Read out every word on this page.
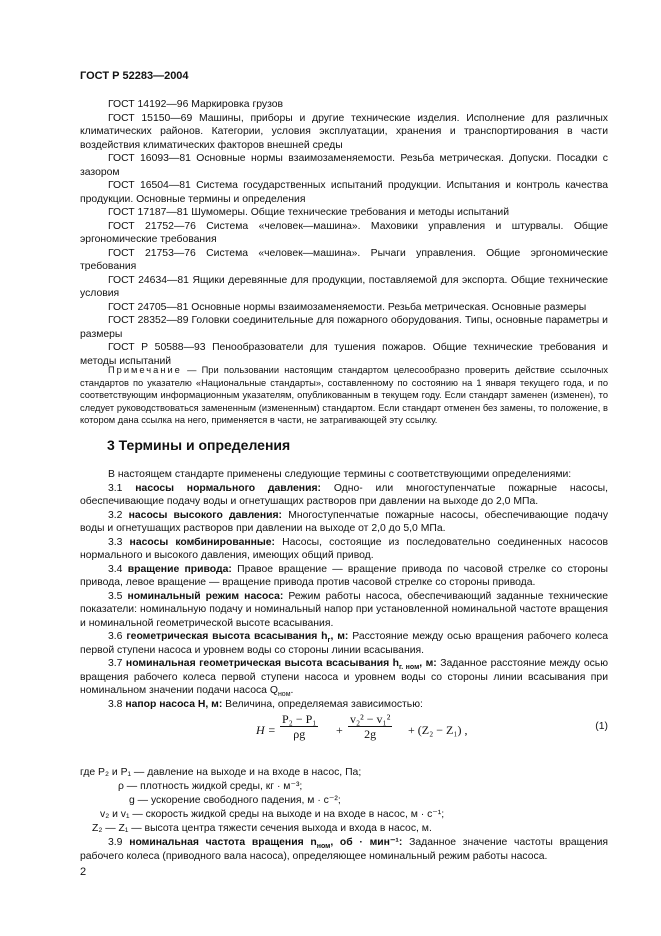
ГОСТ Р 52283—2004

ГОСТ 14192—96 Маркировка грузов

ГОСТ 15150—69 Машины, приборы и другие технические изделия. Исполнение для различных климатических районов. Категории, условия эксплуатации, хранения и транспортирования в части воздействия климатических факторов внешней среды

ГОСТ 16093—81 Основные нормы взаимозаменяемости. Резьба метрическая. Допуски. Посадки с зазором

ГОСТ 16504—81 Система государственных испытаний продукции. Испытания и контроль качества продукции. Основные термины и определения

ГОСТ 17187—81 Шумомеры. Общие технические требования и методы испытаний

ГОСТ 21752—76 Система «человек—машина». Маховики управления и штурвалы. Общие эргономические требования

ГОСТ 21753—76 Система «человек—машина». Рычаги управления. Общие эргономические требования

ГОСТ 24634—81 Ящики деревянные для продукции, поставляемой для экспорта. Общие технические условия

ГОСТ 24705—81 Основные нормы взаимозаменяемости. Резьба метрическая. Основные размеры

ГОСТ 28352—89 Головки соединительные для пожарного оборудования. Типы, основные параметры и размеры

ГОСТ Р 50588—93 Пенообразователи для тушения пожаров. Общие технические требования и методы испытаний

Примечание — При пользовании настоящим стандартом целесообразно проверить действие ссылочных стандартов по указателю «Национальные стандарты», составленному по состоянию на 1 января текущего года, и по соответствующим информационным указателям, опубликованным в текущем году. Если стандарт заменен (изменен), то следует руководствоваться замененным (измененным) стандартом. Если стандарт отменен без замены, то положение, в котором дана ссылка на него, применяется в части, не затрагивающей эту ссылку.

3 Термины и определения

В настоящем стандарте применены следующие термины с соответствующими определениями:

3.1 насосы нормального давления: Одно- или многоступенчатые пожарные насосы, обеспечивающие подачу воды и огнетушащих растворов при давлении на выходе до 2,0 МПа.

3.2 насосы высокого давления: Многоступенчатые пожарные насосы, обеспечивающие подачу воды и огнетушащих растворов при давлении на выходе от 2,0 до 5,0 МПа.

3.3 насосы комбинированные: Насосы, состоящие из последовательно соединенных насосов нормального и высокого давления, имеющих общий привод.

3.4 вращение привода: Правое вращение — вращение привода по часовой стрелке со стороны привода, левое вращение — вращение привода против часовой стрелке со стороны привода.

3.5 номинальный режим насоса: Режим работы насоса, обеспечивающий заданные технические показатели: номинальную подачу и номинальный напор при установленной номинальной частоте вращения и номинальной геометрической высоте всасывания.

3.6 геометрическая высота всасывания $h_г$, м: Расстояние между осью вращения рабочего колеса первой ступени насоса и уровнем воды со стороны линии всасывания.

3.7 номинальная геометрическая высота всасывания $h_{г. ном}$, м: Заданное расстояние между осью вращения рабочего колеса первой ступени насоса и уровнем воды со стороны линии всасывания при номинальном значении подачи насоса $Q_{ном}$.

3.8 напор насоса H, м: Величина, определяемая зависимостью:

$H = \frac{\text{P₂ − P₁}}{\rho g} + \frac{\text{v₂² − v₁²}}{2g} + (Z_2 - Z_1)$ ,	(1)
где P₂ и P₁ — давление на выходе и на входе в насос, Па;
ρ — плотность жидкой среды, кг · м⁻³;
g — ускорение свободного падения, м · с⁻²;
v₂ и v₁ — скорость жидкой среды на выходе и на входе в насос, м · с⁻¹;
Z₂ — Z₁ — высота центра тяжести сечения выхода и входа в насос, м.

3.9 номинальная частота вращения $n_{ном}$, об · мин⁻¹: Заданное значение частоты вращения рабочего колеса (приводного вала насоса), определяющее номинальный режим работы насоса.

2
